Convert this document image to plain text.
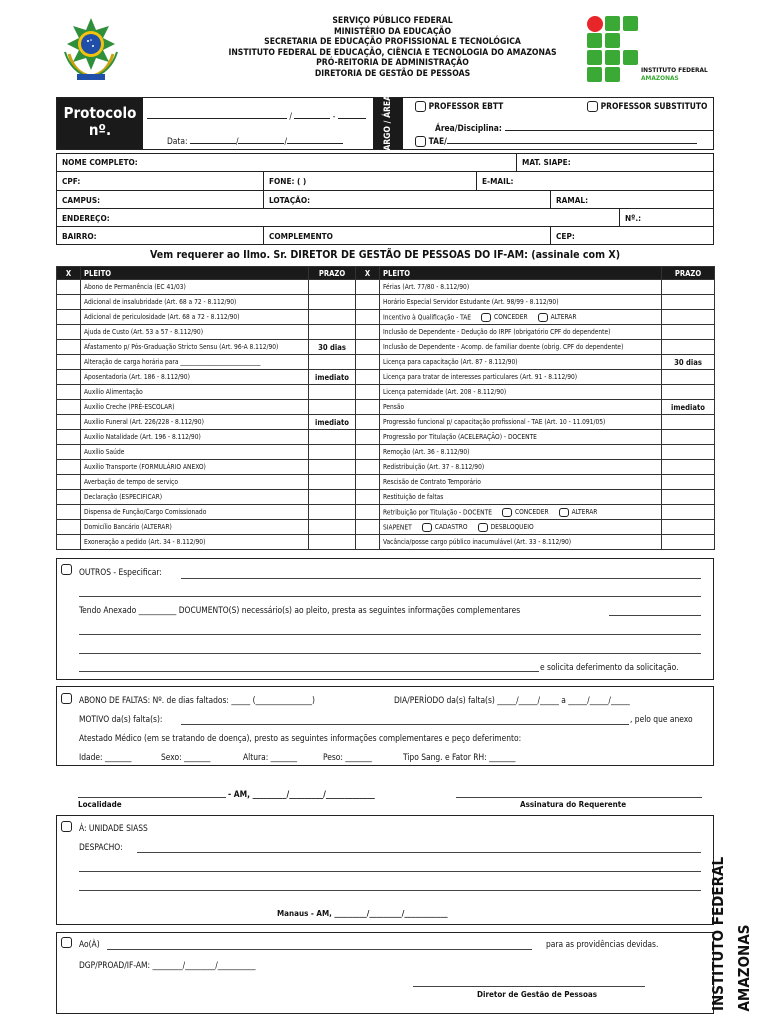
SERVIÇO PÚBLICO FEDERAL
MINISTÉRIO DA EDUCAÇÃO
SECRETARIA DE EDUCAÇÃO PROFISSIONAL E TECNOLÓGICA
INSTITUTO FEDERAL DE EDUCAÇÃO, CIÊNCIA E TECNOLOGIA DO AMAZONAS
PRÓ-REITORIA DE ADMINISTRAÇÃO
DIRETORIA DE GESTÃO DE PESSOAS	INSTITUTO FEDERAL
AMAZONAS
Protocolo
nº.
/	-
Data:	/	/	CARGO / ÁREA:	PROFESSOR EBTT	PROFESSOR SUBSTITUTO
Área/Disciplina:
TAE/
NOME COMPLETO:	MAT. SIAPE:
CPF:	FONE: ( )	E-MAIL:
CAMPUS:	LOTAÇÃO:	RAMAL:
ENDEREÇO:	Nº.:
BAIRRO:	COMPLEMENTO	CEP:
Vem requerer ao Ilmo. Sr. DIRETOR DE GESTÃO DE PESSOAS DO IF-AM: (assinale com X)
X	PLEITO	PRAZO	X	PLEITO	PRAZO
	Abono de Permanência (EC 41/03)			Férias (Art. 77/80 - 8.112/90)	
	Adicional de insalubridade (Art. 68 a 72 - 8.112/90)			Horário Especial Servidor Estudante (Art. 98/99 - 8.112/90)	
	Adicional de periculosidade (Art. 68 a 72 - 8.112/90)			Incentivo à Qualificação - TAE CONCEDER ALTERAR	
	Ajuda de Custo (Art. 53 a 57 - 8.112/90)			Inclusão de Dependente - Dedução do IRPF (obrigatório CPF do dependente)	
	Afastamento p/ Pós-Graduação Stricto Sensu (Art. 96-A 8.112/90)	30 dias		Inclusão de Dependente - Acomp. de familiar doente (obrig. CPF do dependente)	
	Alteração de carga horária para ___________________________			Licença para capacitação (Art. 87 - 8.112/90)	30 dias
	Aposentadoria (Art. 186 - 8.112/90)	imediato		Licença para tratar de interesses particulares (Art. 91 - 8.112/90)	
	Auxílio Alimentação			Licença paternidade (Art. 208 - 8.112/90)	
	Auxílio Creche (PRÉ-ESCOLAR)			Pensão	imediato
	Auxílio Funeral (Art. 226/228 - 8.112/90)	imediato		Progressão funcional p/ capacitação profissional - TAE (Art. 10 - 11.091/05)	
	Auxílio Natalidade (Art. 196 - 8.112/90)			Progressão por Titulação (ACELERAÇÃO) - DOCENTE	
	Auxílio Saúde			Remoção (Art. 36 - 8.112/90)	
	Auxílio Transporte (FORMULÁRIO ANEXO)			Redistribuição (Art. 37 - 8.112/90)	
	Averbação de tempo de serviço			Rescisão de Contrato Temporário	
	Declaração (ESPECIFICAR)			Restituição de faltas	
	Dispensa de Função/Cargo Comissionado			Retribuição por Titulação - DOCENTE CONCEDER ALTERAR	
	Domicílio Bancário (ALTERAR)			SIAPENET CADASTRO DESBLOQUEIO	
	Exoneração a pedido (Art. 34 - 8.112/90)			Vacância/posse cargo público inacumulável (Art. 33 - 8.112/90)	
OUTROS - Especificar:
Tendo Anexado __________ DOCUMENTO(S) necessário(s) ao pleito, presta as seguintes informações complementares
e solicita deferimento da solicitação.
ABONO DE FALTAS: Nº. de dias faltados: _____ (_______________)	DIA/PERÍODO da(s) falta(s) _____/_____/_____ a _____/_____/_____
MOTIVO da(s) falta(s):	, pelo que anexo
Atestado Médico (em se tratando de doença), presto as seguintes informações complementares e peço deferimento:
Idade: _______	Sexo: _______	Altura: _______	Peso: _______	Tipo Sang. e Fator RH: _______
- AM, _________/_________/_____________
Localidade	Assinatura do Requerente
À: UNIDADE SIASS
DESPACHO:
Manaus - AM, _________/_________/____________
Ao(À)	para as providências devidas.
DGP/PROAD/IF-AM: ________/________/__________
Diretor de Gestão de Pessoas	INSTITUTO FEDERAL AMAZONAS
